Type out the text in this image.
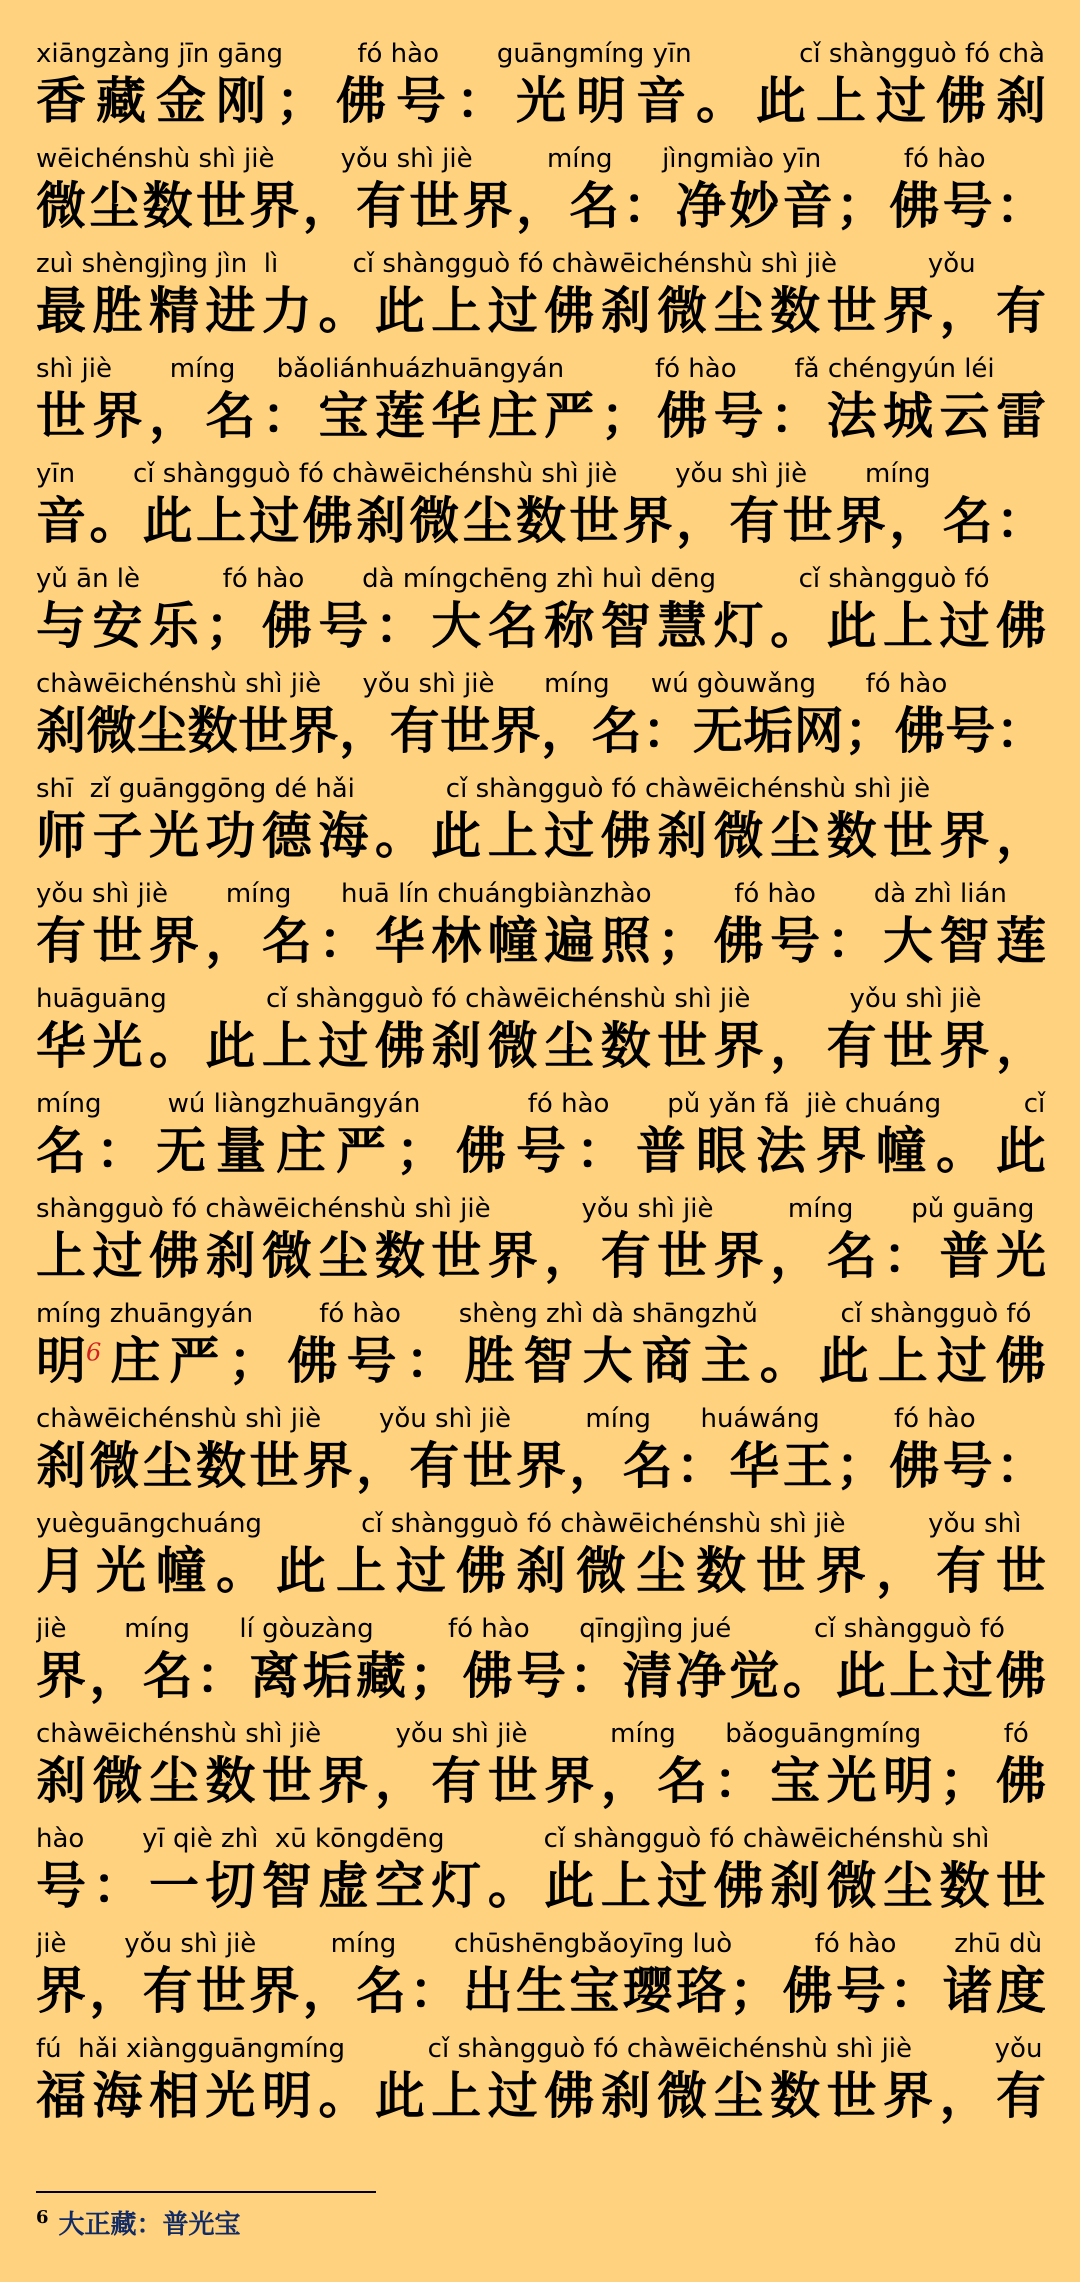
xiāngzàng jīn gāng         fó hào       guāngmíng yīn             cǐ shàngguò fó chà
香 藏 金 刚 ； 佛 号 ： 光 明 音 。 此 上 过 佛 刹
wēichénshù shì jiè        yǒu shì jiè         míng      jìngmiào yīn          fó hào
微 尘 数 世 界 ， 有 世 界 ， 名 ： 净 妙 音 ； 佛 号 ：
zuì shèngjìng jìn  lì         cǐ shàngguò fó chàwēichénshù shì jiè           yǒu
最 胜 精 进 力 。 此 上 过 佛 刹 微 尘 数 世 界 ， 有
shì jiè       míng     bǎoliánhuázhuāngyán           fó hào       fǎ chéngyún léi
世 界 ， 名 ： 宝 莲 华 庄 严 ； 佛 号 ： 法 城 云 雷
yīn       cǐ shàngguò fó chàwēichénshù shì jiè       yǒu shì jiè       míng
音 。 此 上 过 佛 刹 微 尘 数 世 界 ， 有 世 界 ， 名 ：
yǔ ān lè          fó hào       dà míngchēng zhì huì dēng          cǐ shàngguò fó
与 安 乐 ； 佛 号 ： 大 名 称 智 慧 灯 。 此 上 过 佛
chàwēichénshù shì jiè     yǒu shì jiè      míng     wú gòuwǎng      fó hào
刹 微 尘 数 世 界 ， 有 世 界 ， 名 ： 无 垢 网 ； 佛 号 ：
shī  zǐ guānggōng dé hǎi           cǐ shàngguò fó chàwēichénshù shì jiè
师 子 光 功 德 海 。 此 上 过 佛 刹 微 尘 数 世 界 ，
yǒu shì jiè       míng      huā lín chuángbiànzhào          fó hào       dà zhì lián
有 世 界 ， 名 ： 华 林 幢 遍 照 ； 佛 号 ： 大 智 莲
huāguāng            cǐ shàngguò fó chàwēichénshù shì jiè            yǒu shì jiè
华 光 。 此 上 过 佛 刹 微 尘 数 世 界 ， 有 世 界 ，
míng        wú liàngzhuāngyán             fó hào       pǔ yǎn fǎ  jiè chuáng          cǐ
名 ： 无 量 庄 严 ； 佛 号 ： 普 眼 法 界 幢 。 此
shàngguò fó chàwēichénshù shì jiè           yǒu shì jiè         míng       pǔ guāng
上 过 佛 刹 微 尘 数 世 界 ， 有 世 界 ， 名 ： 普 光
míng zhuāngyán        fó hào       shèng zhì dà shāngzhǔ          cǐ shàngguò fó
明$^6$ 庄 严 ； 佛 号 ： 胜 智 大 商 主 。 此 上 过 佛
chàwēichénshù shì jiè       yǒu shì jiè         míng      huáwáng         fó hào
刹 微 尘 数 世 界 ， 有 世 界 ， 名 ： 华 王 ； 佛 号 ：
yuèguāngchuáng            cǐ shàngguò fó chàwēichénshù shì jiè          yǒu shì
月 光 幢 。 此 上 过 佛 刹 微 尘 数 世 界 ， 有 世
jiè       míng      lí gòuzàng         fó hào      qīngjìng jué          cǐ shàngguò fó
界 ， 名 ： 离 垢 藏 ； 佛 号 ： 清 净 觉 。 此 上 过 佛
chàwēichénshù shì jiè         yǒu shì jiè          míng      bǎoguāngmíng          fó
刹 微 尘 数 世 界 ， 有 世 界 ， 名 ： 宝 光 明 ； 佛
hào       yī qiè zhì  xū kōngdēng            cǐ shàngguò fó chàwēichénshù shì
号 ： 一 切 智 虚 空 灯 。 此 上 过 佛 刹 微 尘 数 世
jiè       yǒu shì jiè         míng       chūshēngbǎoyīng luò          fó hào       zhū dù
界 ， 有 世 界 ， 名 ： 出 生 宝 璎 珞 ； 佛 号 ： 诸 度
fú  hǎi xiàngguāngmíng          cǐ shàngguò fó chàwēichénshù shì jiè          yǒu
福 海 相 光 明 。 此 上 过 佛 刹 微 尘 数 世 界 ， 有
$^6$ 大正藏：普光宝
